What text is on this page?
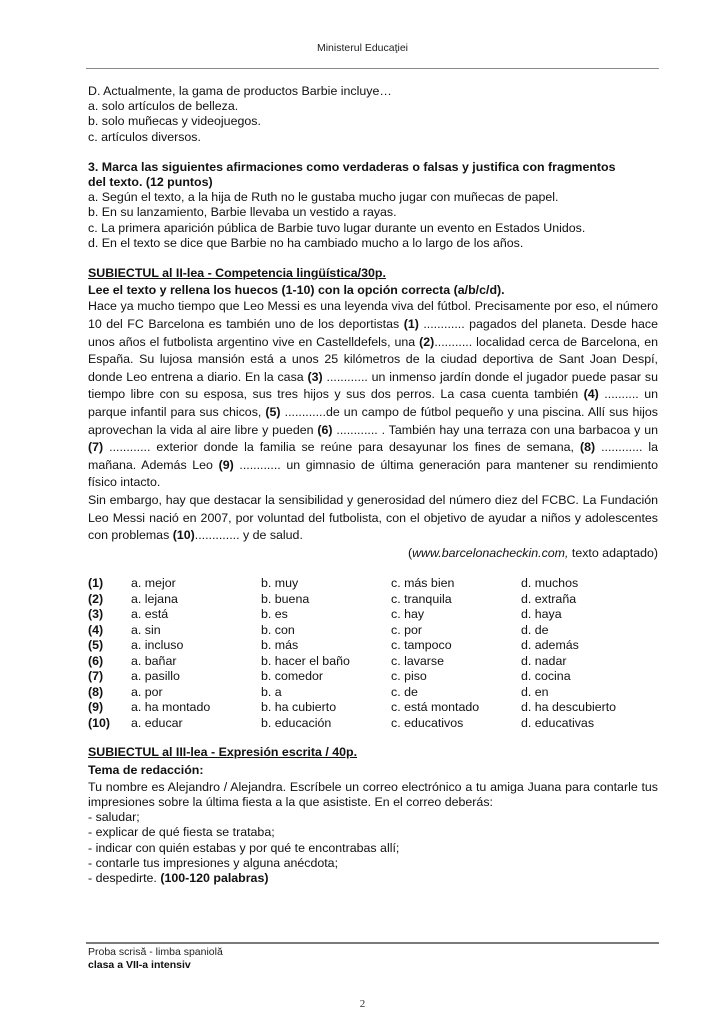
Ministerul Educaţiei

D. Actualmente, la gama de productos Barbie incluye…

a. solo artículos de belleza.

b. solo muñecas y videojuegos.

c. artículos diversos.

3. Marca las siguientes afirmaciones como verdaderas o falsas y justifica con fragmentos
del texto. (12 puntos)

a. Según el texto, a la hija de Ruth no le gustaba mucho jugar con muñecas de papel.

b. En su lanzamiento, Barbie llevaba un vestido a rayas.

c. La primera aparición pública de Barbie tuvo lugar durante un evento en Estados Unidos.

d. En el texto se dice que Barbie no ha cambiado mucho a lo largo de los años.

SUBIECTUL al II-lea - Competencia lingüística/30p.

Lee el texto y rellena los huecos (1-10) con la opción correcta (a/b/c/d).

Hace ya mucho tiempo que Leo Messi es una leyenda viva del fútbol. Precisamente por eso, el número 10 del FC Barcelona es también uno de los deportistas (1) ............ pagados del planeta. Desde hace unos años el futbolista argentino vive en Castelldefels, una (2)........... localidad cerca de Barcelona, en España. Su lujosa mansión está a unos 25 kilómetros de la ciudad deportiva de Sant Joan Despí, donde Leo entrena a diario. En la casa (3) ............ un inmenso jardín donde el jugador puede pasar su tiempo libre con su esposa, sus tres hijos y sus dos perros. La casa cuenta también (4) .......... un parque infantil para sus chicos, (5) ............de un campo de fútbol pequeño y una piscina. Allí sus hijos aprovechan la vida al aire libre y pueden (6) ............ . También hay una terraza con una barbacoa y un (7) ............ exterior donde la familia se reúne para desayunar los fines de semana, (8) ............ la mañana. Además Leo (9) ............ un gimnasio de última generación para mantener su rendimiento físico intacto.

Sin embargo, hay que destacar la sensibilidad y generosidad del número diez del FCBC. La Fundación Leo Messi nació en 2007, por voluntad del futbolista, con el objetivo de ayudar a niños y adolescentes con problemas (10)............. y de salud.

(www.barcelonacheckin.com, texto adaptado)

(1)	a. mejor	b. muy	c. más bien	d. muchos
(2)	a. lejana	b. buena	c. tranquila	d. extraña
(3)	a. está	b. es	c. hay	d. haya
(4)	a. sin	b. con	c. por	d. de
(5)	a. incluso	b. más	c. tampoco	d. además
(6)	a. bañar	b. hacer el baño	c. lavarse	d. nadar
(7)	a. pasillo	b. comedor	c. piso	d. cocina
(8)	a. por	b. a	c. de	d. en
(9)	a. ha montado	b. ha cubierto	c. está montado	d. ha descubierto
(10)	a. educar	b. educación	c. educativos	d. educativas

SUBIECTUL al III-lea - Expresión escrita / 40p.

Tema de redacción:

Tu nombre es Alejandro / Alejandra. Escríbele un correo electrónico a tu amiga Juana para contarle tus impresiones sobre la última fiesta a la que asististe. En el correo deberás:

- saludar;

- explicar de qué fiesta se trataba;

- indicar con quién estabas y por qué te encontrabas allí;

- contarle tus impresiones y alguna anécdota;

- despedirte. (100-120 palabras)

Proba scrisă - limba spaniolă
clasa a VII-a intensiv
2
